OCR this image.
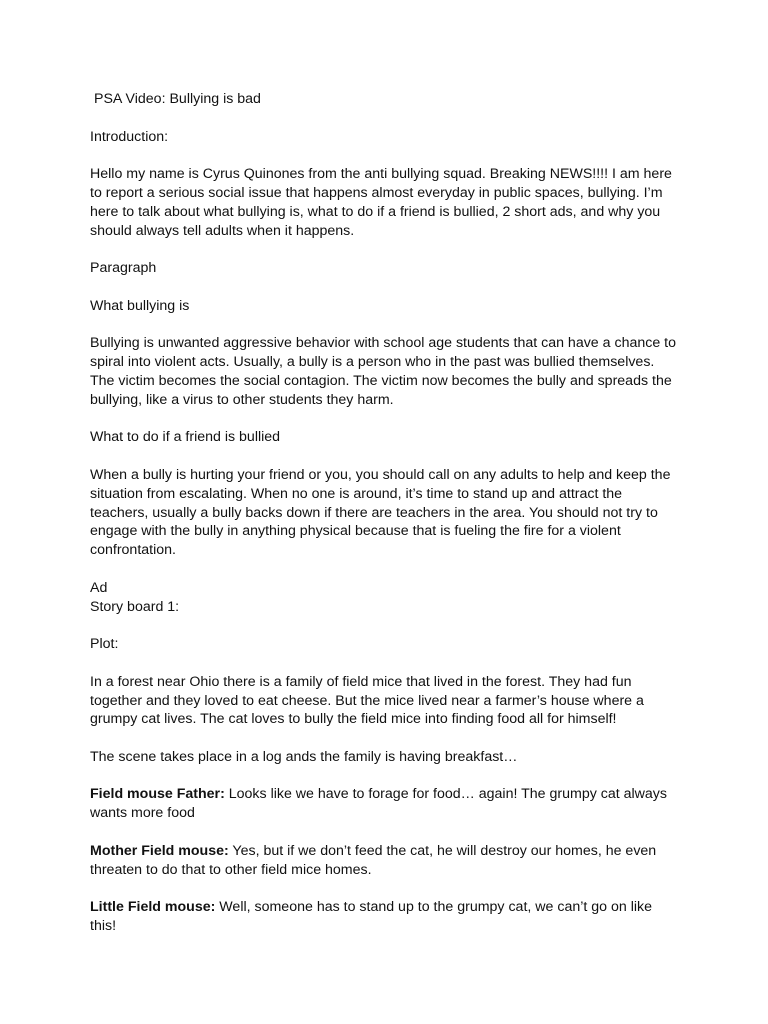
PSA Video: Bullying is bad

Introduction:

Hello my name is Cyrus Quinones from the anti bullying squad. Breaking NEWS!!!! I am here to report a serious social issue that happens almost everyday in public spaces, bullying. I’m here to talk about what bullying is, what to do if a friend is bullied, 2 short ads, and why you should always tell adults when it happens.

Paragraph

What bullying is

Bullying is unwanted aggressive behavior with school age students that can have a chance to spiral into violent acts. Usually, a bully is a person who in the past was bullied themselves. The victim becomes the social contagion. The victim now becomes the bully and spreads the bullying, like a virus to other students they harm.

What to do if a friend is bullied

When a bully is hurting your friend or you, you should call on any adults to help and keep the situation from escalating. When no one is around, it’s time to stand up and attract the teachers, usually a bully backs down if there are teachers in the area. You should not try to engage with the bully in anything physical because that is fueling the fire for a violent confrontation.

Ad

Story board 1:

Plot:

In a forest near Ohio there is a family of field mice that lived in the forest. They had fun together and they loved to eat cheese. But the mice lived near a farmer’s house where a grumpy cat lives. The cat loves to bully the field mice into finding food all for himself!

The scene takes place in a log ands the family is having breakfast…

Field mouse Father: Looks like we have to forage for food… again! The grumpy cat always wants more food

Mother Field mouse: Yes, but if we don’t feed the cat, he will destroy our homes, he even threaten to do that to other field mice homes.

Little Field mouse: Well, someone has to stand up to the grumpy cat, we can’t go on like this!
